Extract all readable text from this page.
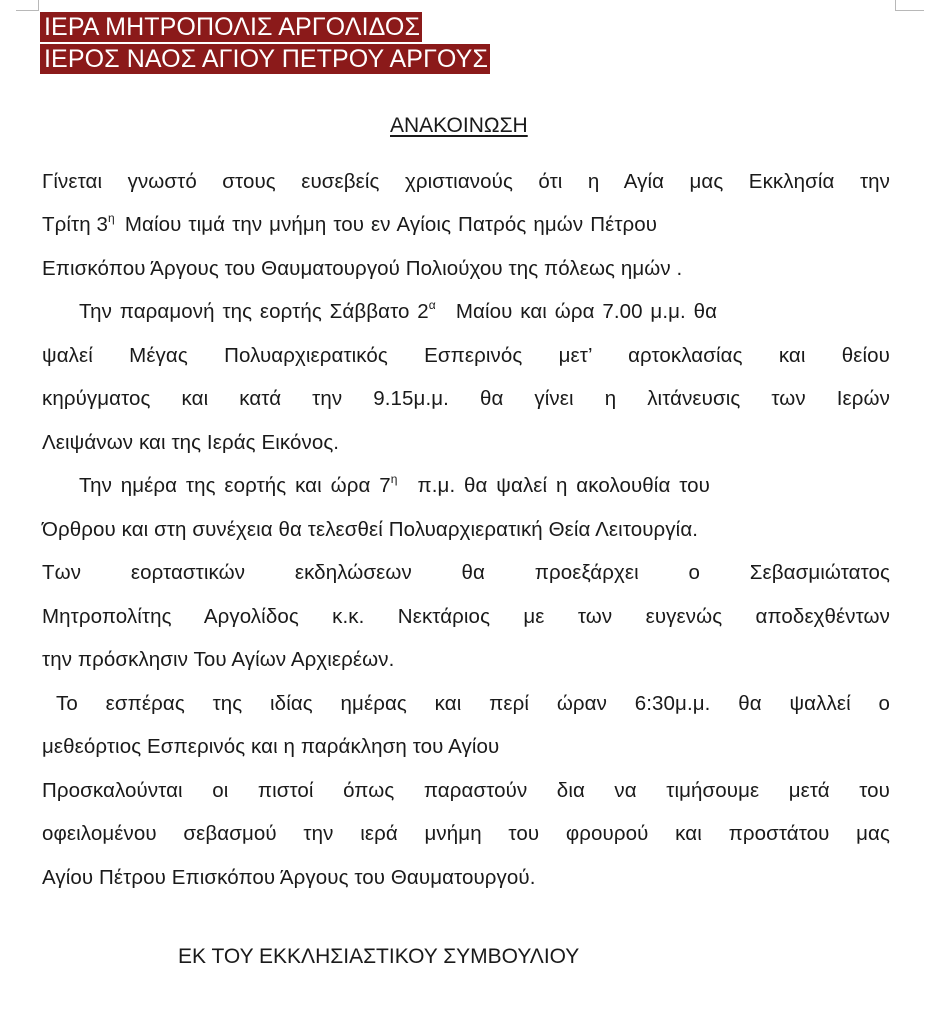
ΙΕΡΑ ΜΗΤΡΟΠΟΛΙΣ ΑΡΓΟΛΙΔΟΣ
ΙΕΡΟΣ ΝΑΟΣ ΑΓΙΟΥ ΠΕΤΡΟΥ ΑΡΓΟΥΣ
ΑΝΑΚΟΙΝΩΣΗ
Γίνεται γνωστό στους ευσεβείς χριστιανούς ότι η Αγία μας Εκκλησία την
Τρίτη $3^\eta$ Μαίου τιμά την μνήμη του εν Αγίοις Πατρός ημών Πέτρου
Επισκόπου Άργους του Θαυματουργού Πολιούχου της πόλεως ημών .
Την παραμονή της εορτής Σάββατο $2^\alpha$ Μαίου και ώρα 7.00 μ.μ. θα
ψαλεί Μέγας Πολυαρχιερατικός Εσπερινός μετ’ αρτοκλασίας και θείου
κηρύγματος και κατά την 9.15μ.μ. θα γίνει η λιτάνευσις των Ιερών
Λειψάνων και της Ιεράς Εικόνος.
Την ημέρα της εορτής και ώρα $7^\eta$ π.μ. θα ψαλεί η ακολουθία του
Όρθρου και στη συνέχεια θα τελεσθεί Πολυαρχιερατική Θεία Λειτουργία.
Των εορταστικών εκδηλώσεων θα προεξάρχει ο Σεβασμιώτατος
Μητροπολίτης Αργολίδος κ.κ. Νεκτάριος με των ευγενώς αποδεχθέντων
την πρόσκλησιν Του Αγίων Αρχιερέων.
Το εσπέρας της ιδίας ημέρας και περί ώραν 6:30μ.μ. θα ψαλλεί ο
μεθεόρτιος Εσπερινός και η παράκληση του Αγίου
Προσκαλούνται οι πιστοί όπως παραστούν δια να τιμήσουμε μετά του
οφειλομένου σεβασμού την ιερά μνήμη του φρουρού και προστάτου μας
Αγίου Πέτρου Επισκόπου Άργους του Θαυματουργού.
ΕΚ ΤΟΥ ΕΚΚΛΗΣΙΑΣΤΙΚΟΥ ΣΥΜΒΟΥΛΙΟΥ
